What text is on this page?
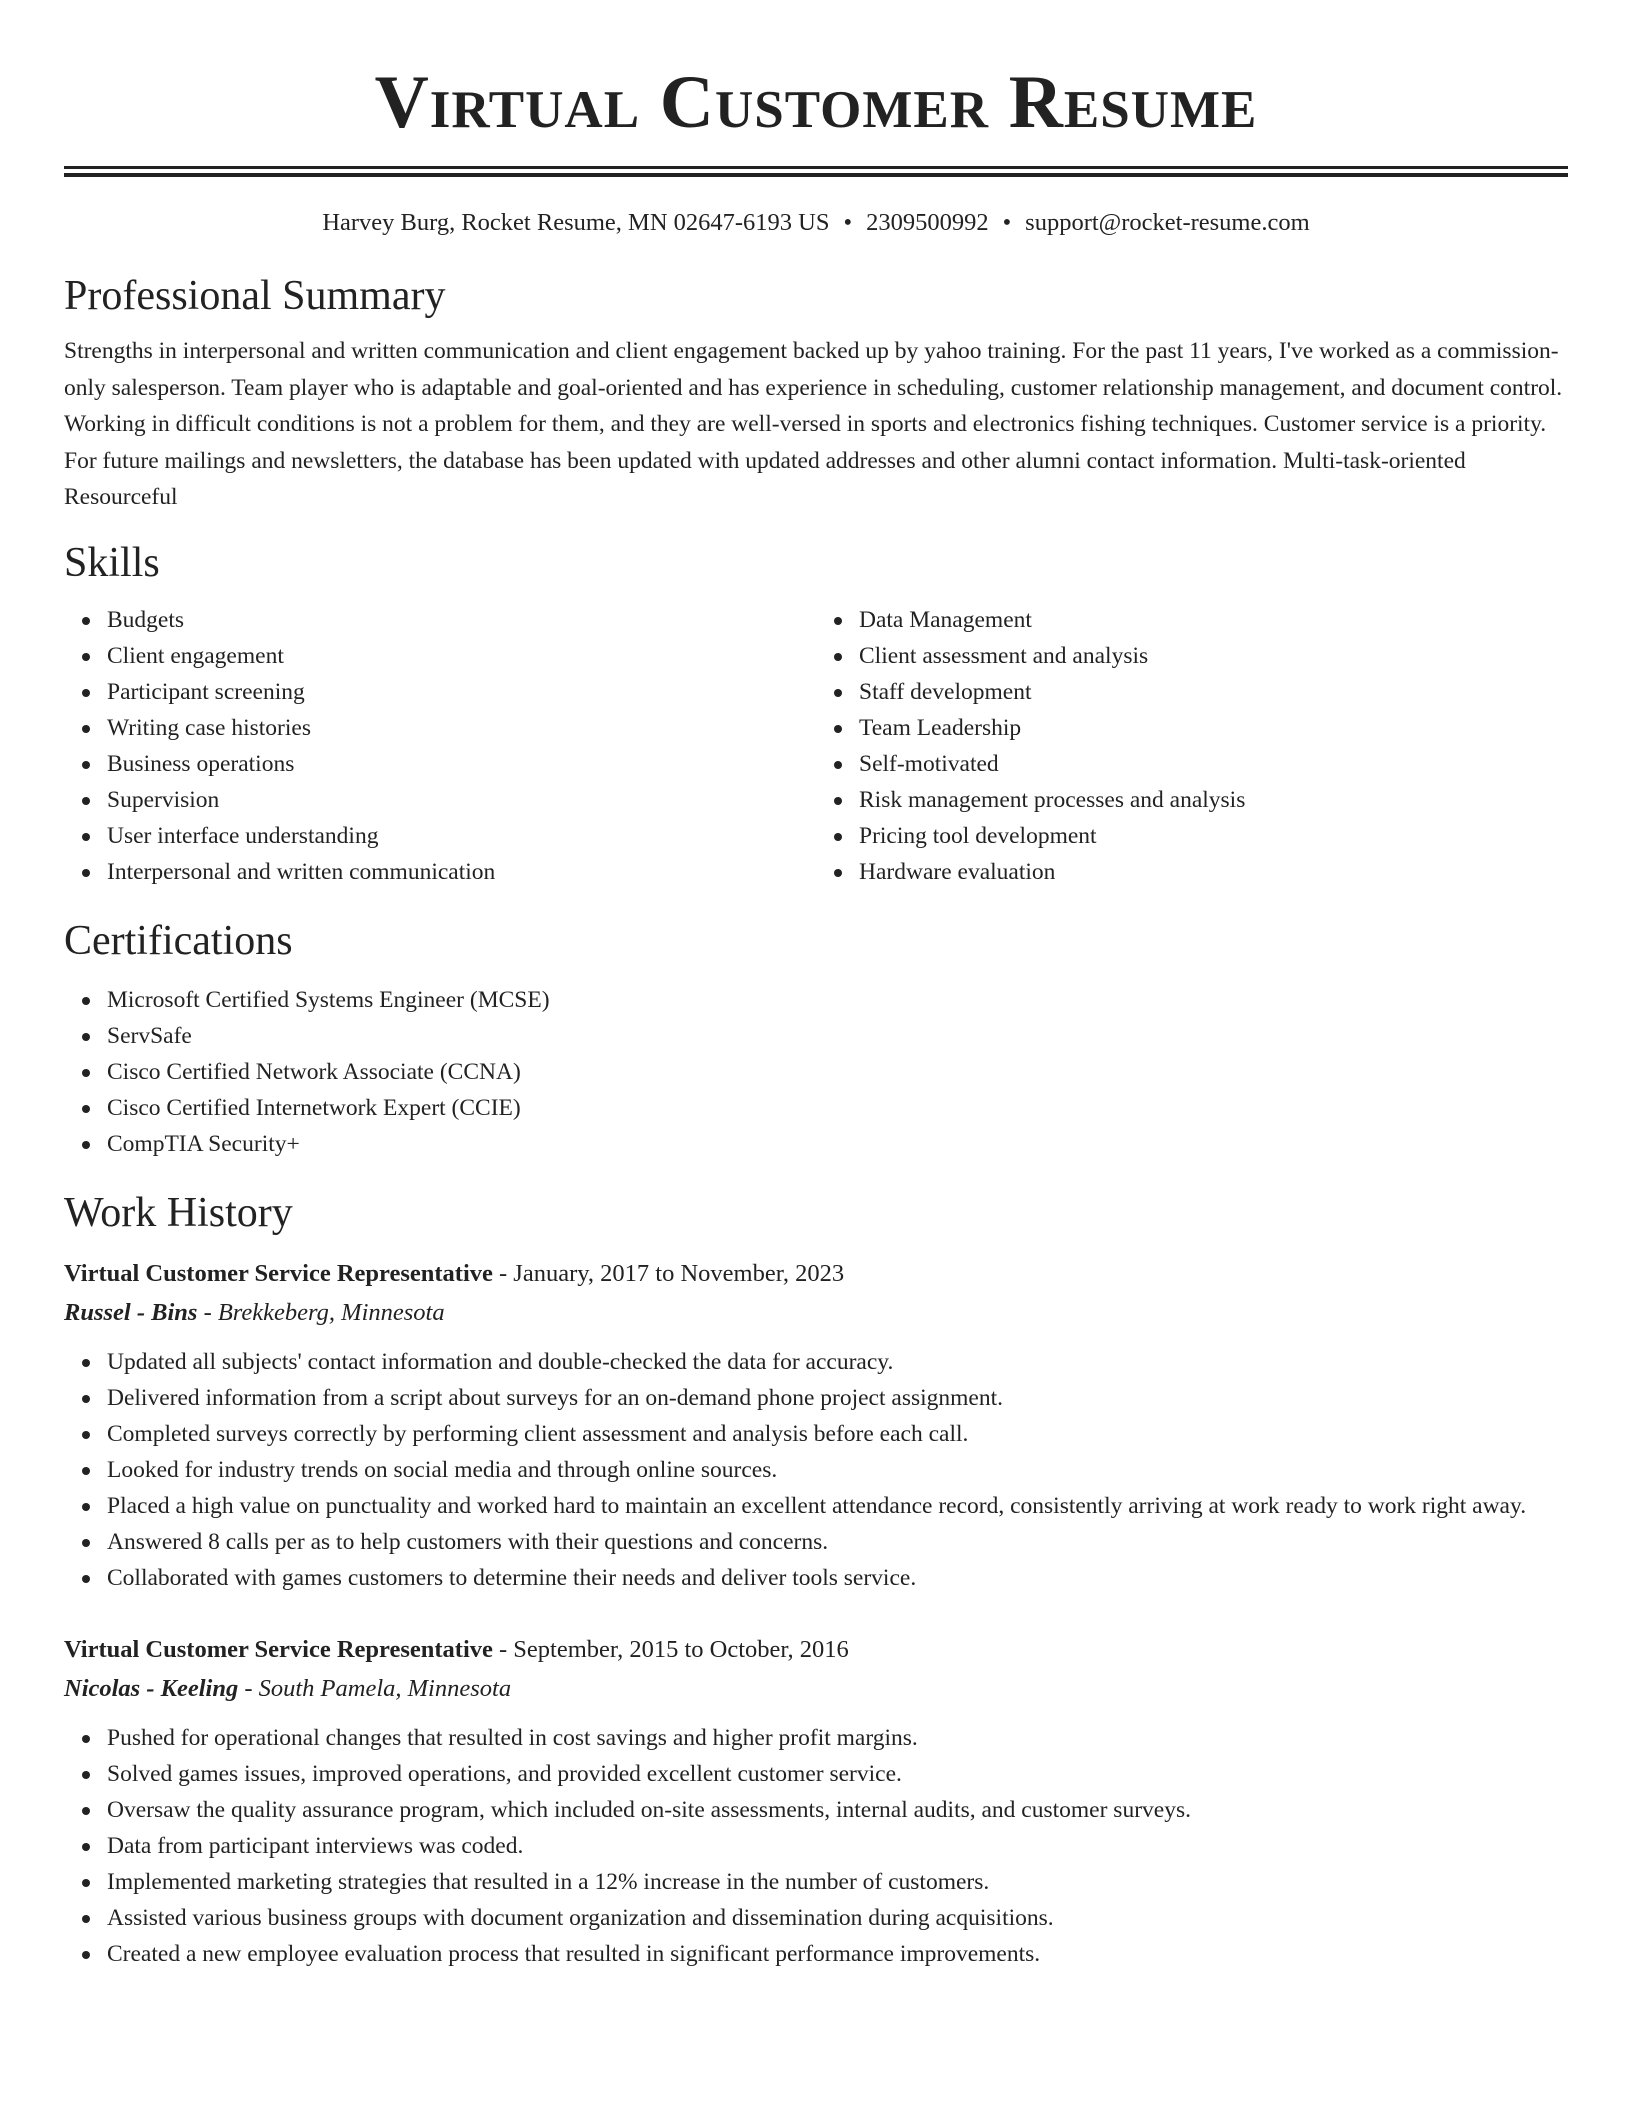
Virtual Customer Resume
Harvey Burg, Rocket Resume, MN 02647-6193 US • 2309500992 • support@rocket-resume.com
Professional Summary

Strengths in interpersonal and written communication and client engagement backed up by yahoo training. For the past 11 years, I've worked as a commission-only salesperson. Team player who is adaptable and goal-oriented and has experience in scheduling, customer relationship management, and document control. Working in difficult conditions is not a problem for them, and they are well-versed in sports and electronics fishing techniques. Customer service is a priority. For future mailings and newsletters, the database has been updated with updated addresses and other alumni contact information. Multi-task-oriented Resourceful

Skills
Budgets
Client engagement
Participant screening
Writing case histories
Business operations
Supervision
User interface understanding
Interpersonal and written communication
Data Management
Client assessment and analysis
Staff development
Team Leadership
Self-motivated
Risk management processes and analysis
Pricing tool development
Hardware evaluation
Certifications
Microsoft Certified Systems Engineer (MCSE)
ServSafe
Cisco Certified Network Associate (CCNA)
Cisco Certified Internetwork Expert (CCIE)
CompTIA Security+
Work History
Virtual Customer Service Representative - January, 2017 to November, 2023
Russel - Bins - Brekkeberg, Minnesota
Updated all subjects' contact information and double-checked the data for accuracy.
Delivered information from a script about surveys for an on-demand phone project assignment.
Completed surveys correctly by performing client assessment and analysis before each call.
Looked for industry trends on social media and through online sources.
Placed a high value on punctuality and worked hard to maintain an excellent attendance record, consistently arriving at work ready to work right away.
Answered 8 calls per as to help customers with their questions and concerns.
Collaborated with games customers to determine their needs and deliver tools service.
Virtual Customer Service Representative - September, 2015 to October, 2016
Nicolas - Keeling - South Pamela, Minnesota
Pushed for operational changes that resulted in cost savings and higher profit margins.
Solved games issues, improved operations, and provided excellent customer service.
Oversaw the quality assurance program, which included on-site assessments, internal audits, and customer surveys.
Data from participant interviews was coded.
Implemented marketing strategies that resulted in a 12% increase in the number of customers.
Assisted various business groups with document organization and dissemination during acquisitions.
Created a new employee evaluation process that resulted in significant performance improvements.
